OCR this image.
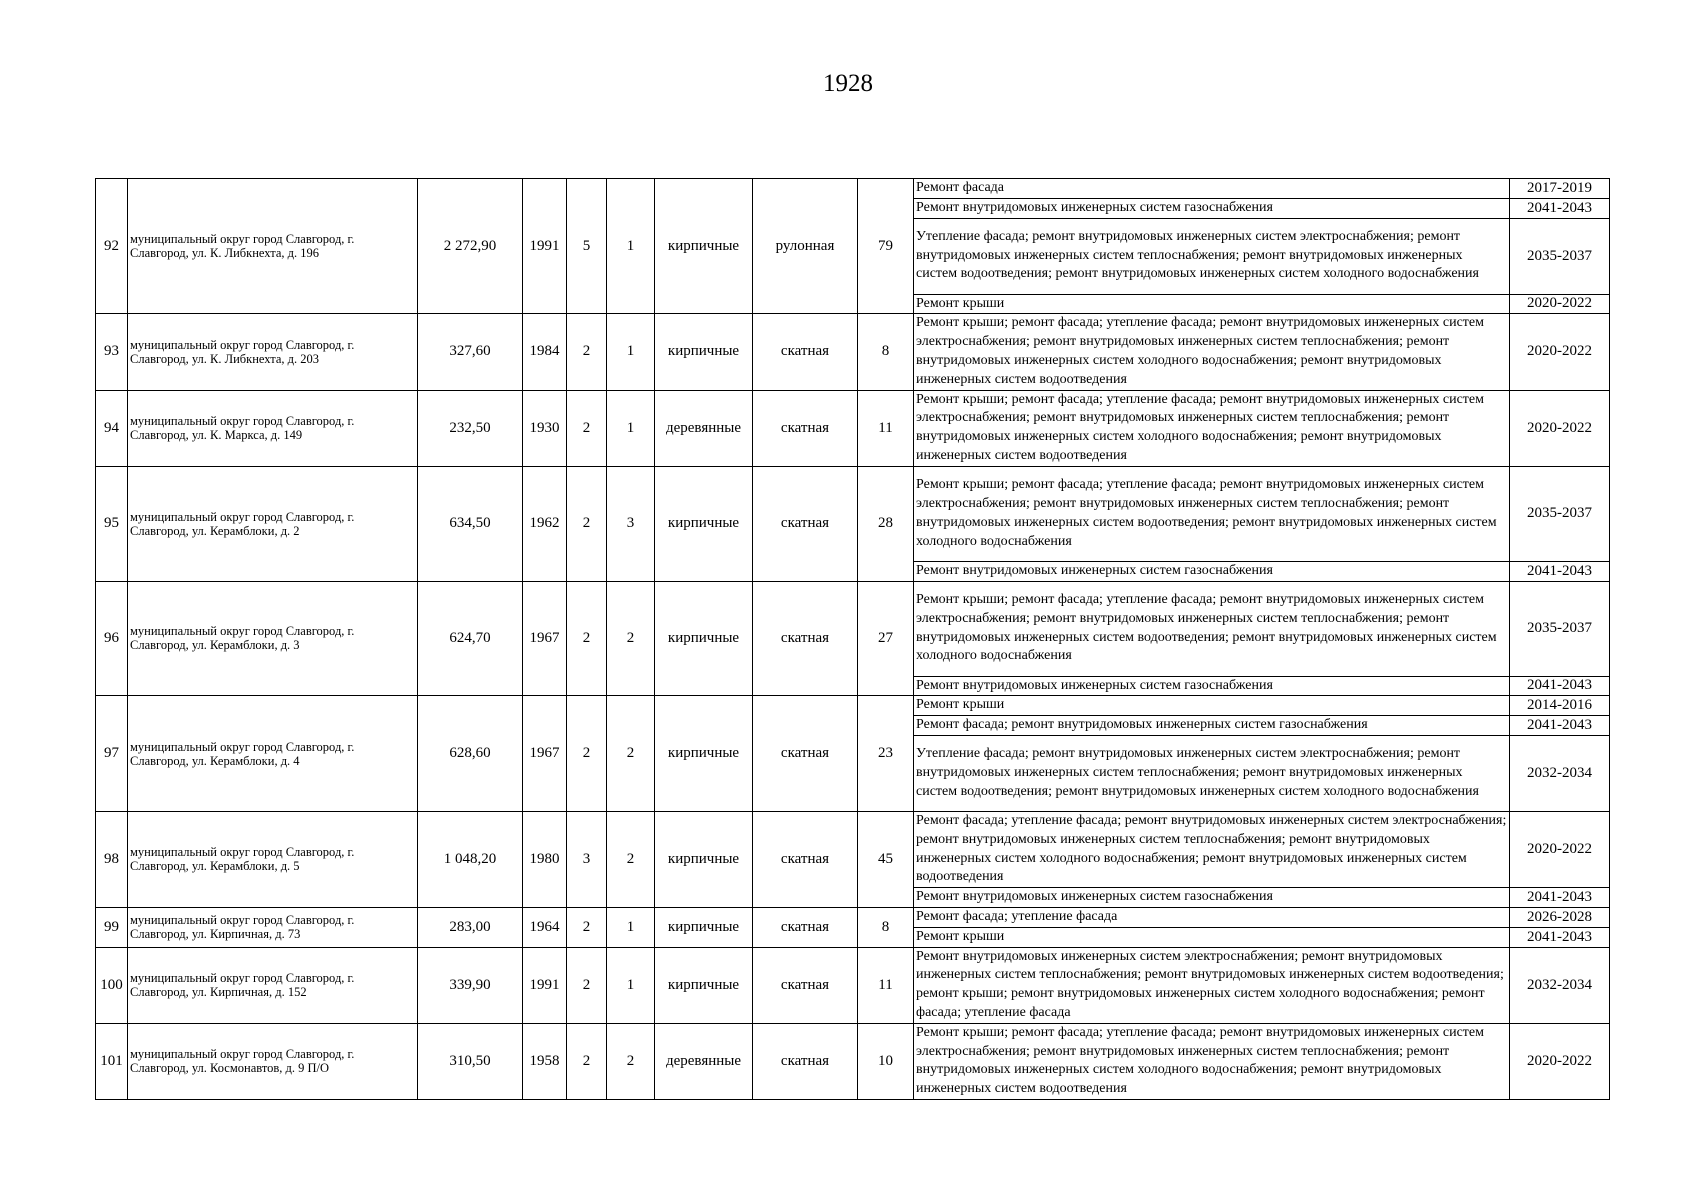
1928
92	муниципальный округ город Славгород, г. Славгород, ул. К. Либкнехта, д. 196	2 272,90	1991	5	1	кирпичные	рулонная	79	Ремонт фасада	2017-2019
									Ремонт внутридомовых инженерных систем газоснабжения	2041-2043
									Утепление фасада; ремонт внутридомовых инженерных систем электроснабжения; ремонт внутридомовых инженерных систем теплоснабжения; ремонт внутридомовых инженерных систем водоотведения; ремонт внутридомовых инженерных систем холодного водоснабжения	2035-2037
									Ремонт крыши	2020-2022
93	муниципальный округ город Славгород, г. Славгород, ул. К. Либкнехта, д. 203	327,60	1984	2	1	кирпичные	скатная	8	Ремонт крыши; ремонт фасада; утепление фасада; ремонт внутридомовых инженерных систем электроснабжения; ремонт внутридомовых инженерных систем теплоснабжения; ремонт внутридомовых инженерных систем холодного водоснабжения; ремонт внутридомовых инженерных систем водоотведения	2020-2022
94	муниципальный округ город Славгород, г. Славгород, ул. К. Маркса, д. 149	232,50	1930	2	1	деревянные	скатная	11	Ремонт крыши; ремонт фасада; утепление фасада; ремонт внутридомовых инженерных систем электроснабжения; ремонт внутридомовых инженерных систем теплоснабжения; ремонт внутридомовых инженерных систем холодного водоснабжения; ремонт внутридомовых инженерных систем водоотведения	2020-2022
95	муниципальный округ город Славгород, г. Славгород, ул. Керамблоки, д. 2	634,50	1962	2	3	кирпичные	скатная	28	Ремонт крыши; ремонт фасада; утепление фасада; ремонт внутридомовых инженерных систем электроснабжения; ремонт внутридомовых инженерных систем теплоснабжения; ремонт внутридомовых инженерных систем водоотведения; ремонт внутридомовых инженерных систем холодного водоснабжения	2035-2037
									Ремонт внутридомовых инженерных систем газоснабжения	2041-2043
96	муниципальный округ город Славгород, г. Славгород, ул. Керамблоки, д. 3	624,70	1967	2	2	кирпичные	скатная	27	Ремонт крыши; ремонт фасада; утепление фасада; ремонт внутридомовых инженерных систем электроснабжения; ремонт внутридомовых инженерных систем теплоснабжения; ремонт внутридомовых инженерных систем водоотведения; ремонт внутридомовых инженерных систем холодного водоснабжения	2035-2037
									Ремонт внутридомовых инженерных систем газоснабжения	2041-2043
97	муниципальный округ город Славгород, г. Славгород, ул. Керамблоки, д. 4	628,60	1967	2	2	кирпичные	скатная	23	Ремонт крыши	2014-2016
									Ремонт фасада; ремонт внутридомовых инженерных систем газоснабжения	2041-2043
									Утепление фасада; ремонт внутридомовых инженерных систем электроснабжения; ремонт внутридомовых инженерных систем теплоснабжения; ремонт внутридомовых инженерных систем водоотведения; ремонт внутридомовых инженерных систем холодного водоснабжения	2032-2034
98	муниципальный округ город Славгород, г. Славгород, ул. Керамблоки, д. 5	1 048,20	1980	3	2	кирпичные	скатная	45	Ремонт фасада; утепление фасада; ремонт внутридомовых инженерных систем электроснабжения; ремонт внутридомовых инженерных систем теплоснабжения; ремонт внутридомовых инженерных систем холодного водоснабжения; ремонт внутридомовых инженерных систем водоотведения	2020-2022
									Ремонт внутридомовых инженерных систем газоснабжения	2041-2043
99	муниципальный округ город Славгород, г. Славгород, ул. Кирпичная, д. 73	283,00	1964	2	1	кирпичные	скатная	8	Ремонт фасада; утепление фасада	2026-2028
									Ремонт крыши	2041-2043
100	муниципальный округ город Славгород, г. Славгород, ул. Кирпичная, д. 152	339,90	1991	2	1	кирпичные	скатная	11	Ремонт внутридомовых инженерных систем электроснабжения; ремонт внутридомовых инженерных систем теплоснабжения; ремонт внутридомовых инженерных систем водоотведения; ремонт крыши; ремонт внутридомовых инженерных систем холодного водоснабжения; ремонт фасада; утепление фасада	2032-2034
101	муниципальный округ город Славгород, г. Славгород, ул. Космонавтов, д. 9 П/О	310,50	1958	2	2	деревянные	скатная	10	Ремонт крыши; ремонт фасада; утепление фасада; ремонт внутридомовых инженерных систем электроснабжения; ремонт внутридомовых инженерных систем теплоснабжения; ремонт внутридомовых инженерных систем холодного водоснабжения; ремонт внутридомовых инженерных систем водоотведения	2020-2022
